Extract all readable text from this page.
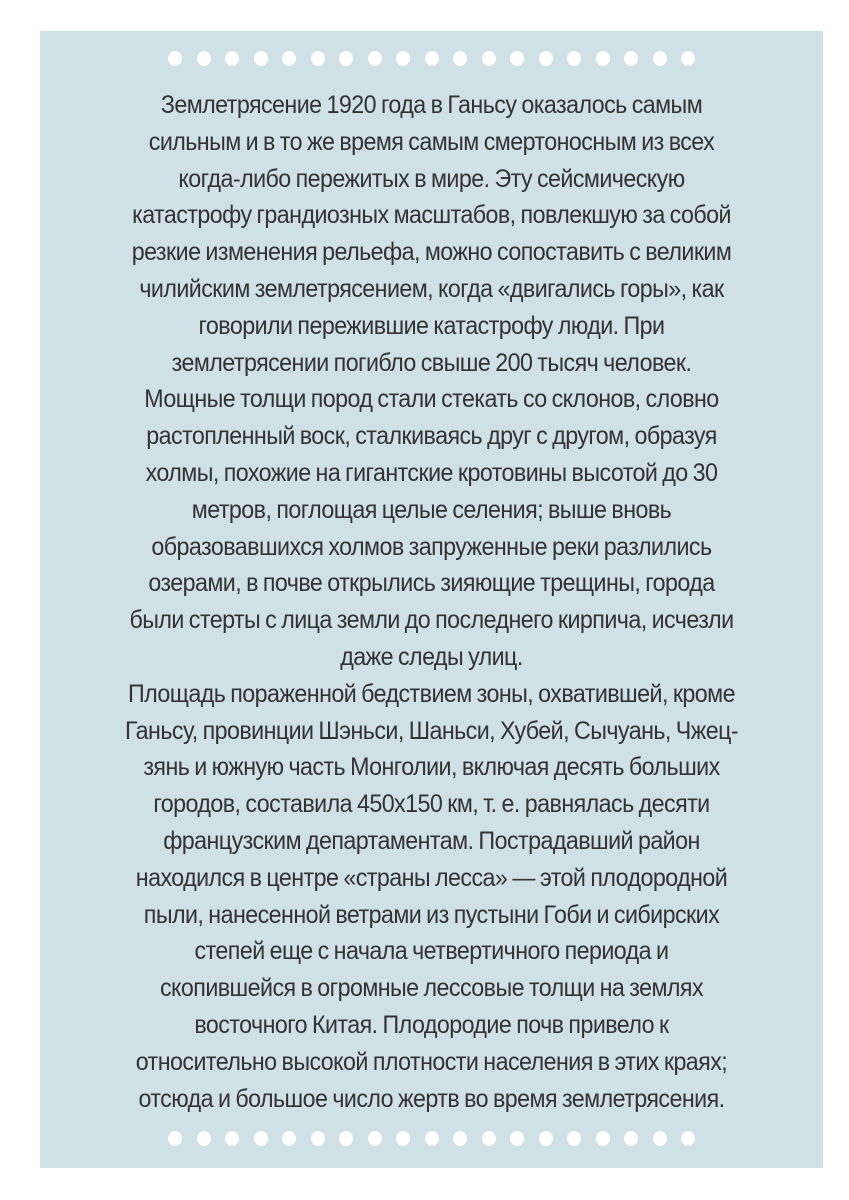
Землетрясение 1920 года в Ганьсу оказалось самым
сильным и в то же время самым смертоносным из всех
когда-либо пережитых в мире. Эту сейсмическую
катастрофу грандиозных масштабов, повлекшую за собой
резкие изменения рельефа, можно сопоставить с великим
чилийским землетрясением, когда «двигались горы», как
говорили пережившие катастрофу люди. При
землетрясении погибло свыше 200 тысяч человек.
Мощные толщи пород стали стекать со склонов, словно
растопленный воск, сталкиваясь друг с другом, образуя
холмы, похожие на гигантские кротовины высотой до 30
метров, поглощая целые селения; выше вновь
образовавшихся холмов запруженные реки разлились
озерами, в почве открылись зияющие трещины, города
были стерты с лица земли до последнего кирпича, исчезли
даже следы улиц.
Площадь пораженной бедствием зоны, охватившей, кроме
Ганьсу, провинции Шэньси, Шаньси, Хубей, Сычуань, Чжец-
зянь и южную часть Монголии, включая десять больших
городов, составила 450х150 км, т. е. равнялась десяти
французским департаментам. Пострадавший район
находился в центре «страны лесса» — этой плодородной
пыли, нанесенной ветрами из пустыни Гоби и сибирских
степей еще с начала четвертичного периода и
скопившейся в огромные лессовые толщи на землях
восточного Китая. Плодородие почв привело к
относительно высокой плотности населения в этих краях;
отсюда и большое число жертв во время землетрясения.
